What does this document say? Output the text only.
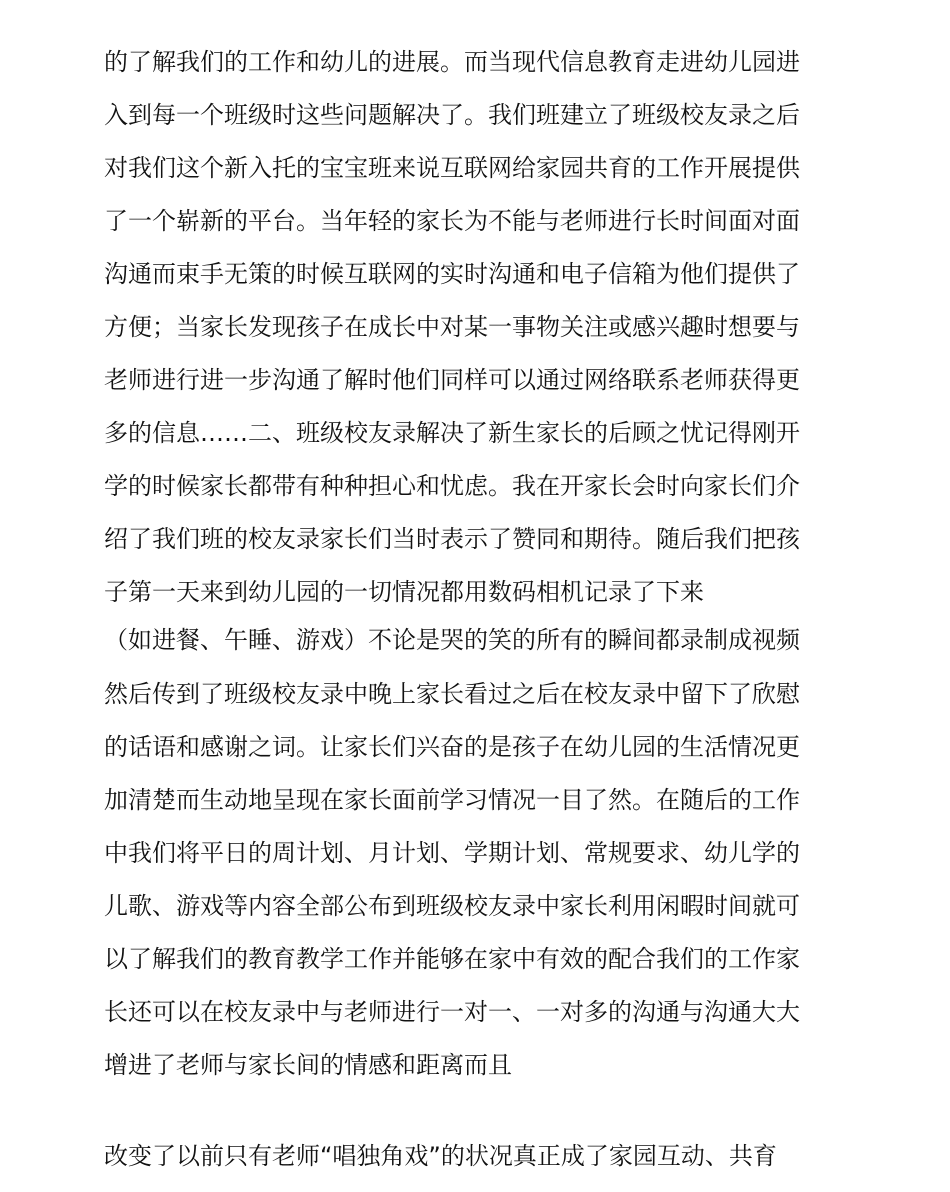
的了解我们的工作和幼儿的进展。而当现代信息教育走进幼儿园进
入到每一个班级时这些问题解决了。我们班建立了班级校友录之后
对我们这个新入托的宝宝班来说互联网给家园共育的工作开展提供
了一个崭新的平台。当年轻的家长为不能与老师进行长时间面对面
沟通而束手无策的时候互联网的实时沟通和电子信箱为他们提供了
方便；当家长发现孩子在成长中对某一事物关注或感兴趣时想要与
老师进行进一步沟通了解时他们同样可以通过网络联系老师获得更
多的信息……二、班级校友录解决了新生家长的后顾之忧记得刚开
学的时候家长都带有种种担心和忧虑。我在开家长会时向家长们介
绍了我们班的校友录家长们当时表示了赞同和期待。随后我们把孩
子第一天来到幼儿园的一切情况都用数码相机记录了下来
（如进餐、午睡、游戏）不论是哭的笑的所有的瞬间都录制成视频
然后传到了班级校友录中晚上家长看过之后在校友录中留下了欣慰
的话语和感谢之词。让家长们兴奋的是孩子在幼儿园的生活情况更
加清楚而生动地呈现在家长面前学习情况一目了然。在随后的工作
中我们将平日的周计划、月计划、学期计划、常规要求、幼儿学的
儿歌、游戏等内容全部公布到班级校友录中家长利用闲暇时间就可
以了解我们的教育教学工作并能够在家中有效的配合我们的工作家
长还可以在校友录中与老师进行一对一、一对多的沟通与沟通大大
增进了老师与家长间的情感和距离而且
改变了以前只有老师“唱独角戏”的状况真正成了家园互动、共育
